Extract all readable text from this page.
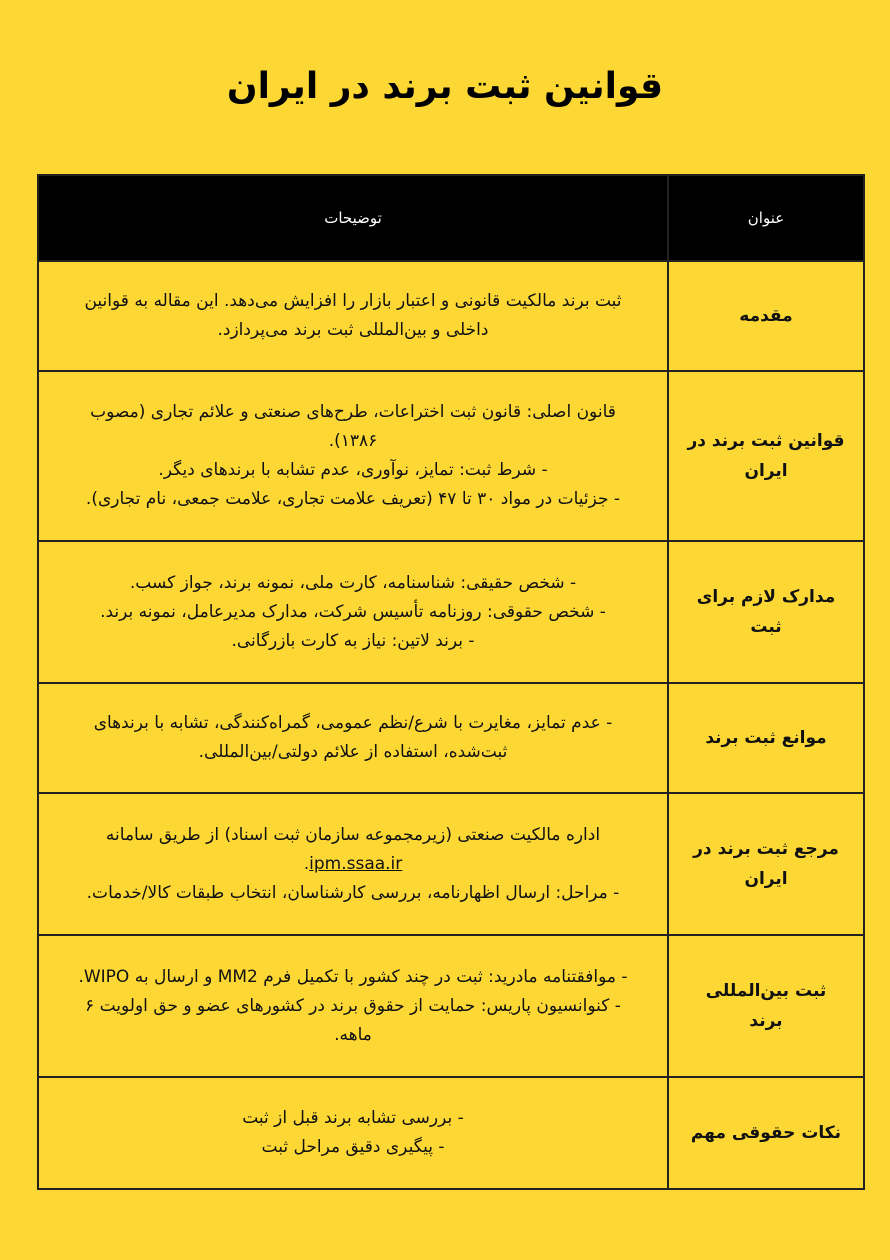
قوانین ثبت برند در ایران
عنوان	توضیحات
مقدمه	ثبت برند مالکیت قانونی و اعتبار بازار را افزایش می‌دهد. این مقاله به قوانین داخلی و بین‌المللی ثبت برند می‌پردازد.

قوانین ثبت برند در ایران	قانون اصلی: قانون ثبت اختراعات، طرح‌های صنعتی و علائم تجاری (مصوب ۱۳۸۶).
- شرط ثبت: تمایز، نوآوری، عدم تشابه با برندهای دیگر.
- جزئیات در مواد ۳۰ تا ۴۷ (تعریف علامت تجاری، علامت جمعی، نام تجاری).

مدارک لازم برای ثبت	- شخص حقیقی: شناسنامه، کارت ملی، نمونه برند، جواز کسب.
- شخص حقوقی: روزنامه تأسیس شرکت، مدارک مدیرعامل، نمونه برند.
- برند لاتین: نیاز به کارت بازرگانی.

موانع ثبت برند	- عدم تمایز، مغایرت با شرع/نظم عمومی، گمراه‌کنندگی، تشابه با برندهای ثبت‌شده، استفاده از علائم دولتی/بین‌المللی.

مرجع ثبت برند در ایران	اداره مالکیت صنعتی (زیرمجموعه سازمان ثبت اسناد) از طریق سامانه
ipm.ssaa.ir.
- مراحل: ارسال اظهارنامه، بررسی کارشناسان، انتخاب طبقات کالا/خدمات.

ثبت بین‌المللی برند	- موافقتنامه مادرید: ثبت در چند کشور با تکمیل فرم MM2 و ارسال به WIPO.
- کنوانسیون پاریس: حمایت از حقوق برند در کشورهای عضو و حق اولویت ۶ ماهه.

نکات حقوقی مهم	- بررسی تشابه برند قبل از ثبت
- پیگیری دقیق مراحل ثبت
